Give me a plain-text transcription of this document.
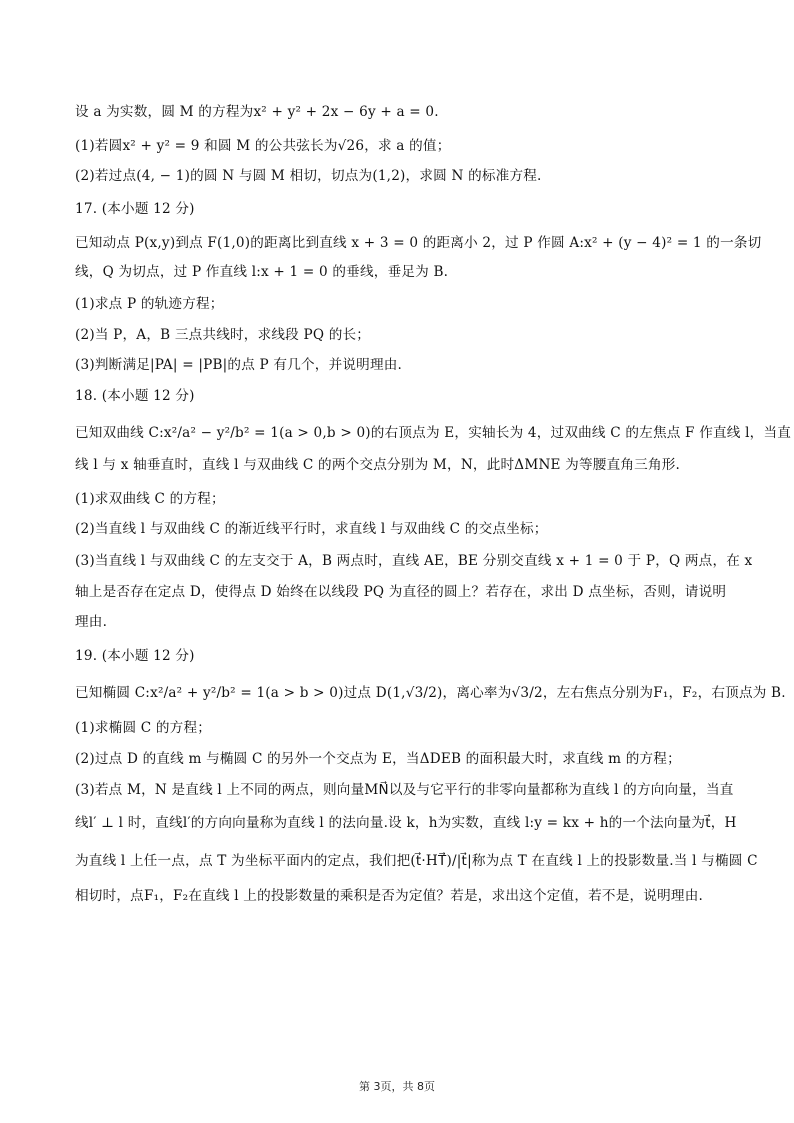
设 a 为实数，圆 M 的方程为x² + y² + 2x − 6y + a = 0.
(1)若圆x² + y² = 9 和圆 M 的公共弦长为√26，求 a 的值；
(2)若过点(4, − 1)的圆 N 与圆 M 相切，切点为(1,2)，求圆 N 的标准方程.
17. (本小题 12 分)
已知动点 P(x,y)到点 F(1,0)的距离比到直线 x + 3 = 0 的距离小 2，过 P 作圆 A:x² + (y − 4)² = 1 的一条切
线，Q 为切点，过 P 作直线 l:x + 1 = 0 的垂线，垂足为 B.
(1)求点 P 的轨迹方程；
(2)当 P，A，B 三点共线时，求线段 PQ 的长；
(3)判断满足|PA| = |PB|的点 P 有几个，并说明理由.
18. (本小题 12 分)
已知双曲线 C:x²/a² − y²/b² = 1(a > 0,b > 0)的右顶点为 E，实轴长为 4，过双曲线 C 的左焦点 F 作直线 l，当直
线 l 与 x 轴垂直时，直线 l 与双曲线 C 的两个交点分别为 M，N，此时ΔMNE 为等腰直角三角形.
(1)求双曲线 C 的方程；
(2)当直线 l 与双曲线 C 的渐近线平行时，求直线 l 与双曲线 C 的交点坐标；
(3)当直线 l 与双曲线 C 的左支交于 A，B 两点时，直线 AE，BE 分别交直线 x + 1 = 0 于 P，Q 两点，在 x
轴上是否存在定点 D，使得点 D 始终在以线段 PQ 为直径的圆上？若存在，求出 D 点坐标，否则，请说明
理由.
19. (本小题 12 分)
已知椭圆 C:x²/a² + y²/b² = 1(a > b > 0)过点 D(1,√3/2)，离心率为√3/2，左右焦点分别为F₁，F₂，右顶点为 B.
(1)求椭圆 C 的方程；
(2)过点 D 的直线 m 与椭圆 C 的另外一个交点为 E，当ΔDEB 的面积最大时，求直线 m 的方程；
(3)若点 M，N 是直线 l 上不同的两点，则向量MN⃗以及与它平行的非零向量都称为直线 l 的方向向量，当直
线l′ ⊥ l 时，直线l′的方向向量称为直线 l 的法向量.设 k，h为实数，直线 l:y = kx + h的一个法向量为t⃗，H
为直线 l 上任一点，点 T 为坐标平面内的定点，我们把(t⃗·HT⃗)/|t⃗|称为点 T 在直线 l 上的投影数量.当 l 与椭圆 C
相切时，点F₁，F₂在直线 l 上的投影数量的乘积是否为定值？若是，求出这个定值，若不是，说明理由.
第 3页，共 8页
